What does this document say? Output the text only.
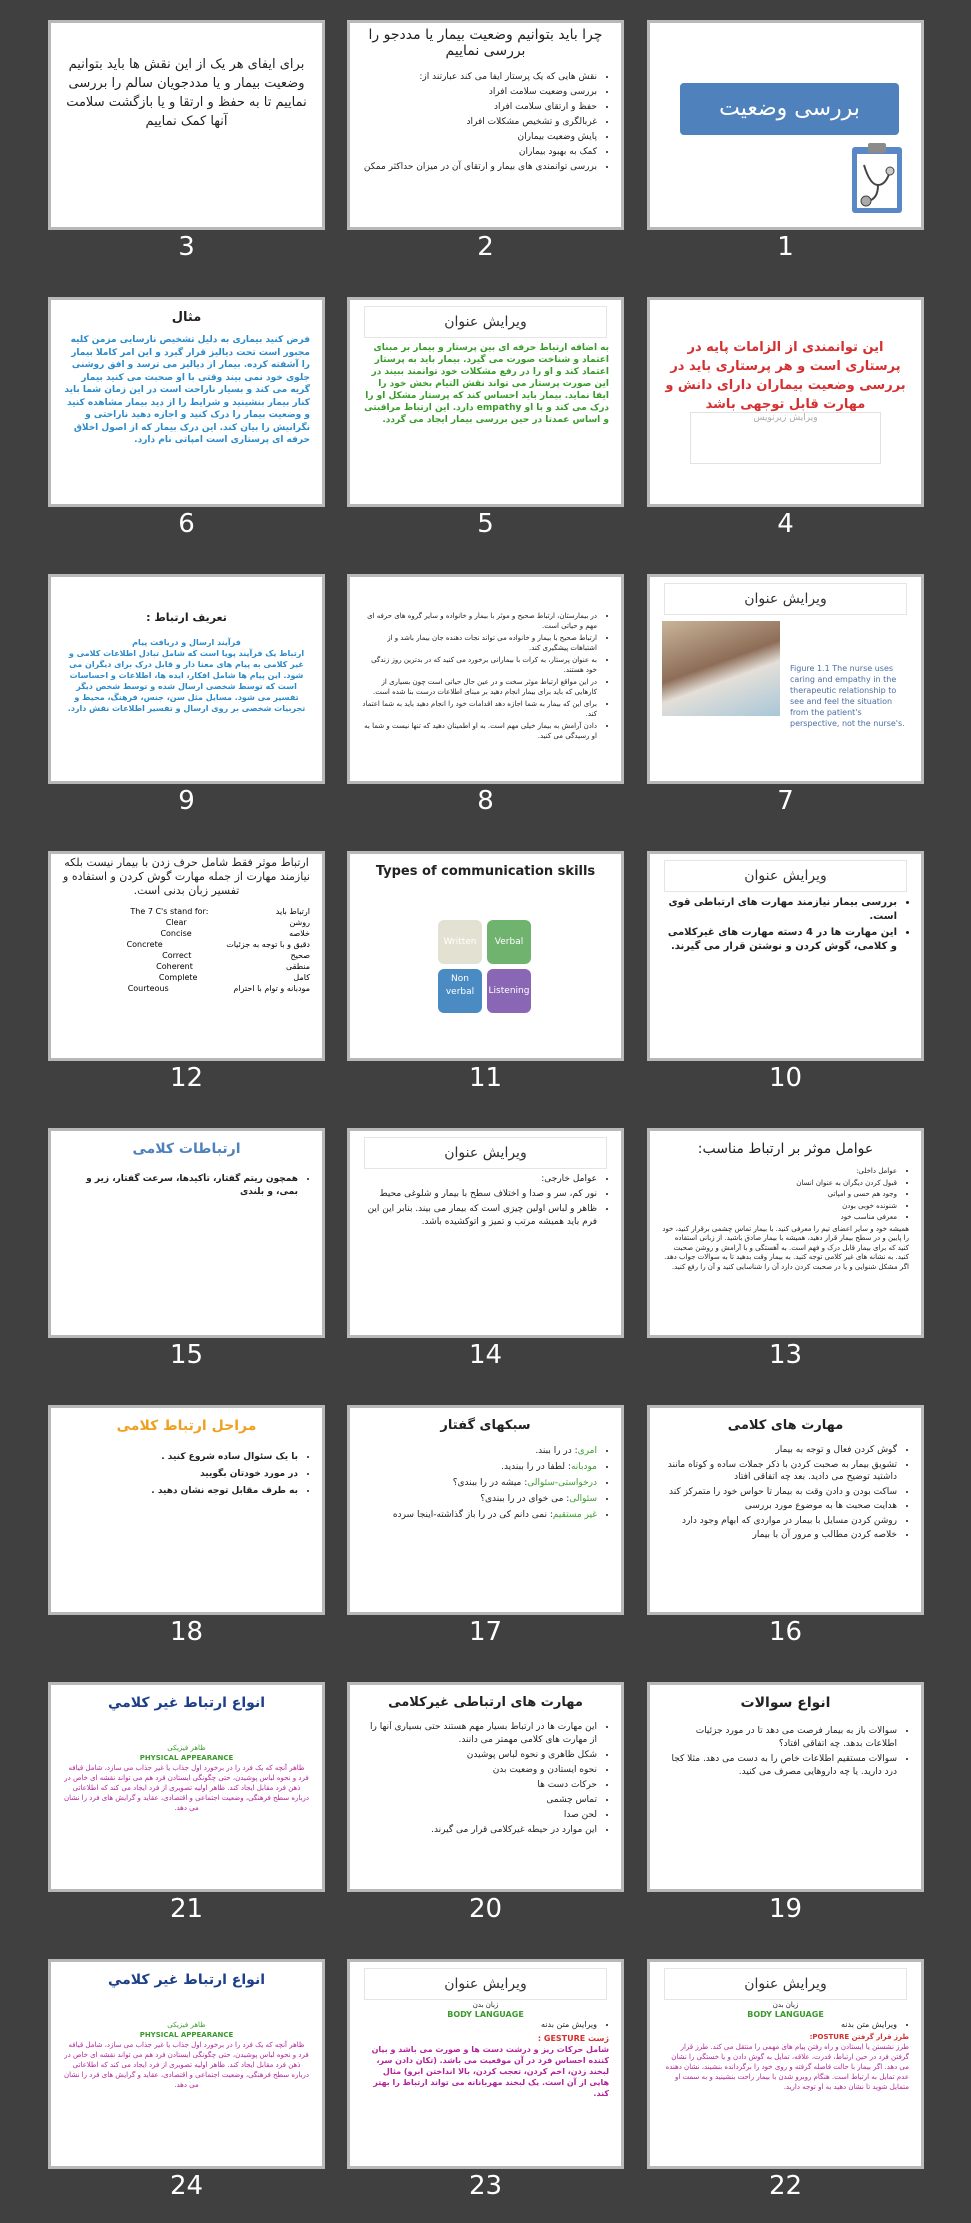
بررسی وضعیت
1
چرا باید بتوانیم وضعیت بیمار یا مددجو را بررسی نماییم
• نقش هایی که یک پرستار ایفا می کند عبارتند از:
• بررسی وضعیت سلامت افراد
• حفظ و ارتقای سلامت افراد
• غربالگری و تشخیص مشکلات افراد
• پایش وضعیت بیماران
• کمک به بهبود بیماران
• بررسی توانمندی های بیمار و ارتقای آن در میزان حداکثر ممکن
2
برای ایفای هر یک از این نقش ها باید بتوانیم وضعیت بیمار و یا مددجویان سالم را بررسی نماییم تا به حفظ و ارتقا و یا بازگشت سلامت آنها کمک نماییم
3
این توانمندی از الزامات پایه در پرستاری است و هر پرستاری باید در بررسی وضعیت بیماران دارای دانش و مهارت قابل توجهی باشد
ویرایش زیرنویس
4
ویرایش عنوان
به اضافه ارتباط حرفه ای بین پرستار و بیمار بر مبنای اعتماد و شناخت صورت می گیرد. بیمار باید به پرستار اعتماد کند و او را در رفع مشکلات خود توانمند ببیند در این صورت پرستار می تواند نقش التیام بخش خود را ایفا نماید. بیمار باید احساس کند که پرستار مشکل او را درک می کند و با او empathy دارد. این ارتباط مراقبتی و اساس عمدتا در حین بررسی بیمار ایجاد می گردد.
5
مثال
فرض کنید بیماری به دلیل تشخیص نارسایی مزمن کلیه مجبور است تحت دیالیز قرار گیرد و این امر کاملا بیمار را آشفته کرده. بیمار از دیالیز می ترسد و افق روشنی جلوی خود نمی بیند وقتی با او صحبت می کنید بیمار گریه می کند و بسیار ناراحت است در این زمان شما باید کنار بیمار بنشینید و شرایط را از دید بیمار مشاهده کنید و وضعیت بیمار را درک کنید و اجازه دهید ناراحتی و نگرانیش را بیان کند. این درک بیمار که از اصول اخلاق حرفه ای پرستاری است امپاتی نام دارد.
6
ویرایش عنوان
Figure 1.1 The nurse uses caring and empathy in the therapeutic relationship to see and feel the situation from the patient's perspective, not the nurse's.
7
• در بیمارستان، ارتباط صحیح و موثر با بیمار و خانواده و سایر گروه های حرفه ای مهم و حیاتی است.
• ارتباط صحیح با بیمار و خانواده می تواند نجات دهنده جان بیمار باشد و از اشتباهات پیشگیری کند.
• به عنوان پرستار، به کرات با بیمارانی برخورد می کنید که در بدترین روز زندگی خود هستند.
• در این مواقع ارتباط موثر سخت و در عین حال حیاتی است چون بسیاری از کارهایی که باید برای بیمار انجام دهید بر مبنای اطلاعات درست بنا شده است.
• برای این که بیمار به شما اجازه دهد اقدامات خود را انجام دهید باید به شما اعتماد کند.
• دادن آرامش به بیمار خیلی مهم است. به او اطمینان دهید که تنها نیست و شما به او رسیدگی می کنید.
8
تعریف ارتباط :
فرآیند ارسال و دریافت پیام
ارتباط یک فرآیند پویا است که شامل تبادل اطلاعات کلامی و غیر کلامی به پیام های معنا دار و قابل درک برای دیگران می شود. این پیام ها شامل افکار، ایده ها، اطلاعات و احساسات است که توسط شخصی ارسال شده و توسط شخص دیگر تفسیر می شود. مسایل مثل سن، جنس، فرهنگ، محیط و تجربیات شخصی بر روی ارسال و تفسیر اطلاعات نقش دارد.
9
ویرایش عنوان
• بررسی بیمار نیازمند مهارت های ارتباطی قوی است.
• این مهارت ها در 4 دسته مهارت های غیرکلامی و کلامی، گوش کردن و نوشتن قرار می گیرند.
10
Types of communication skills
Written	Verbal
Non verbal	Listening
11
ارتباط موثر فقط شامل حرف زدن با بیمار نیست بلکه نیازمند مهارت از جمله مهارت گوش کردن و استفاده و تفسیر زبان بدنی است.
The 7 C's stand for:	ارتباط باید
Clear	روشن
Concise	خلاصه
Concrete	دقیق و با توجه به جزئیات
Correct	صحیح
Coherent	منطقی
Complete	کامل
Courteous	مودبانه و توام با احترام
12
عوامل موثر بر ارتباط مناسب:
• عوامل داخلی:
• قبول کردن دیگران به عنوان انسان
• وجود هم حسی و امپاتی
• شنونده خوبی بودن
• معرفی مناسب خود
همیشه خود و سایر اعضای تیم را معرفی کنید. با بیمار تماس چشمی برقرار کنید، خود را پایین و در سطح بیمار قرار دهید، همیشه با بیمار صادق باشید. از زبانی استفاده کنید که برای بیمار قابل درک و فهم است. به آهستگی و با آرامش و روشن صحبت کنید. به نشانه های غیر کلامی توجه کنید. به بیمار وقت بدهید تا به سوالات جواب دهد. اگر مشکل شنوایی و یا در صحبت کردن دارد آن را شناسایی کنید و آن را رفع کنید.
13
ویرایش عنوان
• عوامل خارجی:
• نور کم، سر و صدا و اختلاف سطح با بیمار و شلوغی محیط
• ظاهر و لباس اولین چیزی است که بیمار می بیند. بنابر این این فرم باید همیشه مرتب و تمیز و اتوکشیده باشد.
14
ارتباطات کلامی
• همچون ریتم گفتار، تأکیدها، سرعت گفتار، زیر و بمی، و بلندی
15
مهارت های کلامی
• گوش کردن فعال و توجه به بیمار
• تشویق بیمار به صحبت کردن با ذکر جملات ساده و کوتاه مانند داشتید توضیح می دادید. بعد چه اتفاقی افتاد
• ساکت بودن و دادن وقت به بیمار تا حواس خود را متمرکز کند
• هدایت صحبت ها به موضوع مورد بررسی
• روشن کردن مسایل با بیمار در مواردی که ابهام وجود دارد
• خلاصه کردن مطالب و مرور آن با بیمار
16
سبکهای گفتار
• امری: در را ببند.
• مودبانه: لطفا در را ببندید.
• درخواستی-سئوالی: میشه در را ببندی؟
• سئوالی: می خوای در را ببندی؟
• غیر مستقیم: نمی دانم کی در را باز گذاشته-اینجا سرده
17
مراحل ارتباط کلامی
• با یک سئوال ساده شروع کنید .
• در مورد خودتان بگویید
• به طرف مقابل توجه نشان دهید .
18
انواع سوالات
• سوالات باز به بیمار فرصت می دهد تا در مورد جزئیات اطلاعات بدهد. چه اتفاقی افتاد؟
• سوالات مستقیم اطلاعات خاص را به دست می دهد. مثلا کجا درد دارید. یا چه داروهایی مصرف می کنید.
19
مهارت های ارتباطی غیرکلامی
• این مهارت ها در ارتباط بسیار مهم هستند حتی بسیاری آنها را از مهارت های کلامی مهمتر می دانند.
• شکل ظاهری و نحوه لباس پوشیدن
• نحوه ایستادن و وضعیت بدن
• حرکات دست ها
• تماس چشمی
• لحن صدا
• این موارد در حیطه غیرکلامی قرار می گیرند.
20
انواع ارتباط غير كلامي
ظاهر فیزیکی
PHYSICAL APPEARANCE
ظاهر آنچه که یک فرد را در برخورد اول جذاب یا غیر جذاب می سازد، شامل قیافه فرد و نحوه لباس پوشیدن، حتی چگونگی ایستادن فرد هم می تواند نقشه ای خاص در ذهن فرد مقابل ایجاد کند. ظاهر اولیه تصویری از فرد ایجاد می کند که اطلاعاتی درباره سطح فرهنگی، وضعیت اجتماعی و اقتصادی، عقاید و گرایش های فرد را نشان می دهد.
21
ویرایش عنوان
زبان بدن
BODY LANGUAGE
• ویرایش متن بدنه
طرز قرار گرفتن POSTURE:
طرز نشستن یا ایستادن و راه رفتن پیام های مهمی را منتقل می کند. طرز قرار گرفتن فرد در حین ارتباط، قدرت، علاقه، تمایل به گوش دادن و یا خستگی را نشان می دهد. اگر بیمار با حالت فاصله گرفته و روی خود را برگردانده بنشیند، نشان دهنده عدم تمایل به ارتباط است. هنگام روبرو شدن با بیمار راحت بنشینید و به سمت او متمایل شوید تا نشان دهید به او توجه دارید.
22
ویرایش عنوان
زبان بدن
BODY LANGUAGE
• ویرایش متن بدنه
ژست GESTURE :
شامل حرکات ریز و درشت دست ها و صورت می باشد و بیان کننده احساس فرد در آن موقعیت می باشد. (تکان دادن سر، لبخند زدن، اخم کردن، تعجب کردن، بالا انداختن ابرو) مثال هایی از آن است. یک لبخند مهربانانه می تواند ارتباط را بهتر کند.
23
انواع ارتباط غير كلامي
ظاهر فیزیکی
PHYSICAL APPEARANCE
ظاهر آنچه که یک فرد را در برخورد اول جذاب یا غیر جذاب می سازد، شامل قیافه فرد و نحوه لباس پوشیدن، حتی چگونگی ایستادن فرد هم می تواند نقشه ای خاص در ذهن فرد مقابل ایجاد کند. ظاهر اولیه تصویری از فرد ایجاد می کند که اطلاعاتی درباره سطح فرهنگی، وضعیت اجتماعی و اقتصادی، عقاید و گرایش های فرد را نشان می دهد.
24
